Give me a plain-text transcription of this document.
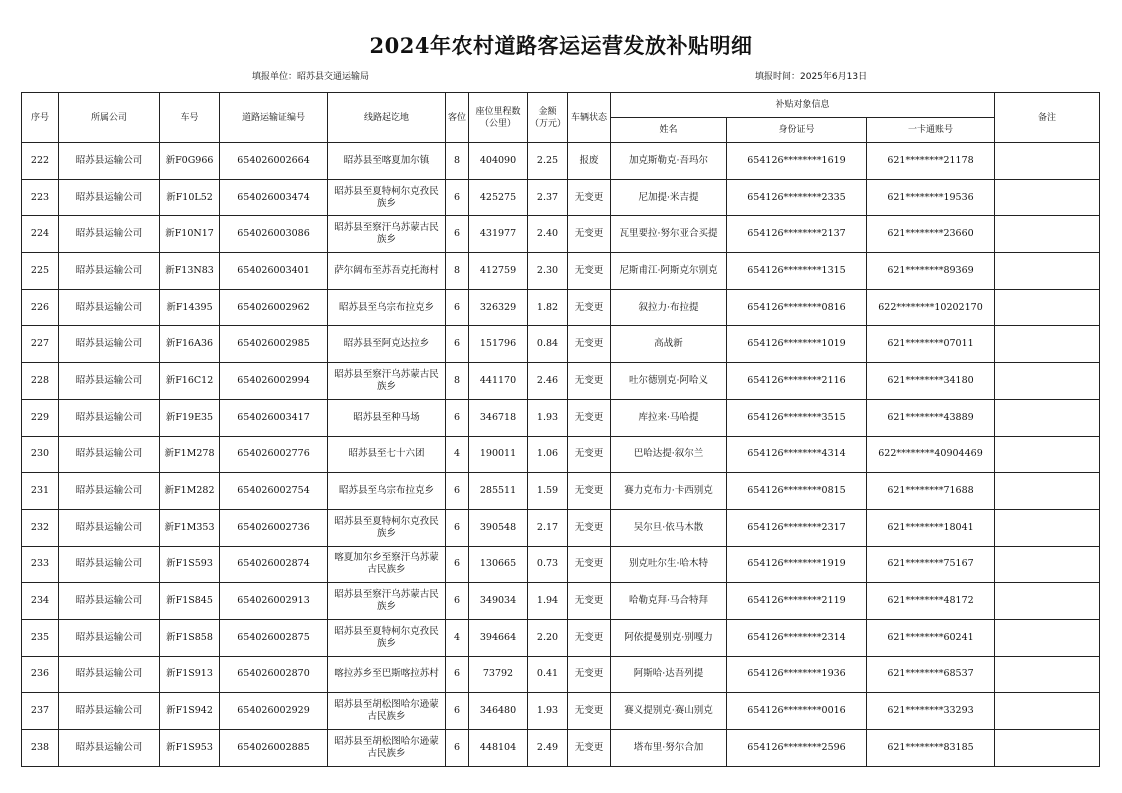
2024年农村道路客运运营发放补贴明细
填报单位：昭苏县交通运输局	填报时间：2025年6月13日
序号	所属公司	车号	道路运输证编号	线路起讫地	客位	座位里程数（公里）	金额（万元）	车辆状态	补贴对象信息			备注
									姓名	身份证号	一卡通账号	
222	昭苏县运输公司	新F0G966	654026002664	昭苏县至喀夏加尔镇	8	404090	2.25	报废	加克斯勒克·吾玛尔	654126********1619	621********21178	
223	昭苏县运输公司	新F10L52	654026003474	昭苏县至夏特柯尔克孜民族乡	6	425275	2.37	无变更	尼加提·米吉提	654126********2335	621********19536	
224	昭苏县运输公司	新F10N17	654026003086	昭苏县至察汗乌苏蒙古民族乡	6	431977	2.40	无变更	瓦里要拉·努尔亚合买提	654126********2137	621********23660	
225	昭苏县运输公司	新F13N83	654026003401	萨尔阔布至苏吾克托海村	8	412759	2.30	无变更	尼斯甫江·阿斯克尔别克	654126********1315	621********89369	
226	昭苏县运输公司	新F14395	654026002962	昭苏县至乌宗布拉克乡	6	326329	1.82	无变更	叙拉力·布拉提	654126********0816	622********10202170	
227	昭苏县运输公司	新F16A36	654026002985	昭苏县至阿克达拉乡	6	151796	0.84	无变更	高战新	654126********1019	621********07011	
228	昭苏县运输公司	新F16C12	654026002994	昭苏县至察汗乌苏蒙古民族乡	8	441170	2.46	无变更	吐尔德别克·阿哈义	654126********2116	621********34180	
229	昭苏县运输公司	新F19E35	654026003417	昭苏县至种马场	6	346718	1.93	无变更	库拉来·马哈提	654126********3515	621********43889	
230	昭苏县运输公司	新F1M278	654026002776	昭苏县至七十六团	4	190011	1.06	无变更	巴哈达提·叙尔兰	654126********4314	622********40904469	
231	昭苏县运输公司	新F1M282	654026002754	昭苏县至乌宗布拉克乡	6	285511	1.59	无变更	赛力克布力·卡西别克	654126********0815	621********71688	
232	昭苏县运输公司	新F1M353	654026002736	昭苏县至夏特柯尔克孜民族乡	6	390548	2.17	无变更	吴尔旦·依马木散	654126********2317	621********18041	
233	昭苏县运输公司	新F1S593	654026002874	喀夏加尔乡至察汗乌苏蒙古民族乡	6	130665	0.73	无变更	别克吐尔生·哈木特	654126********1919	621********75167	
234	昭苏县运输公司	新F1S845	654026002913	昭苏县至察汗乌苏蒙古民族乡	6	349034	1.94	无变更	哈勒克拜·马合特拜	654126********2119	621********48172	
235	昭苏县运输公司	新F1S858	654026002875	昭苏县至夏特柯尔克孜民族乡	4	394664	2.20	无变更	阿依提曼别克·别嘎力	654126********2314	621********60241	
236	昭苏县运输公司	新F1S913	654026002870	喀拉苏乡至巴斯喀拉苏村	6	73792	0.41	无变更	阿斯哈·达吾列提	654126********1936	621********68537	
237	昭苏县运输公司	新F1S942	654026002929	昭苏县至胡松图哈尔逊蒙古民族乡	6	346480	1.93	无变更	赛义提别克·赛山别克	654126********0016	621********33293	
238	昭苏县运输公司	新F1S953	654026002885	昭苏县至胡松图哈尔逊蒙古民族乡	6	448104	2.49	无变更	塔布里·努尔合加	654126********2596	621********83185	
